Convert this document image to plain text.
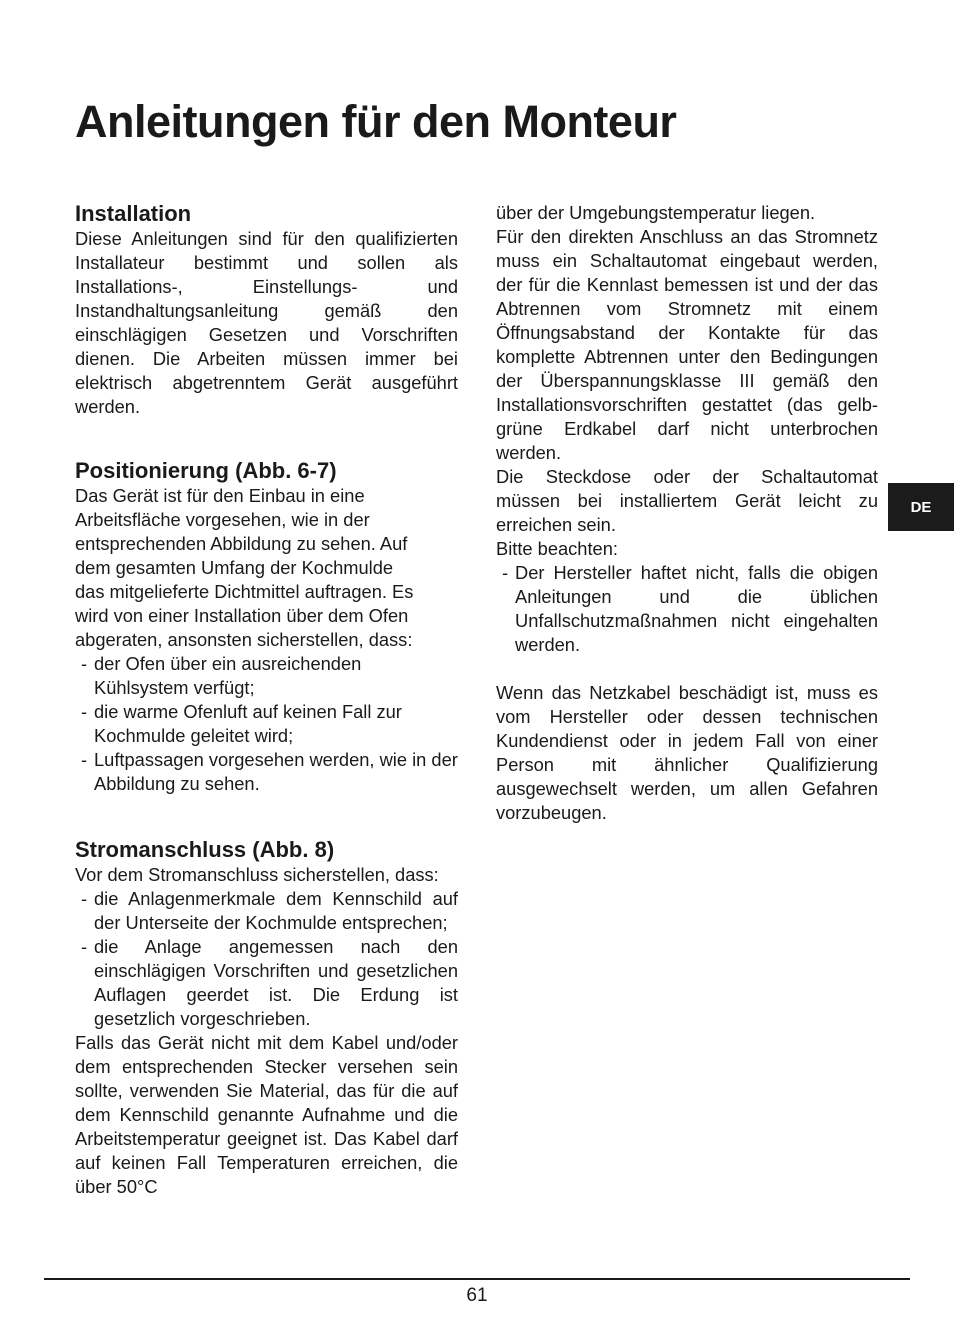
Anleitungen für den Monteur
Installation

Diese Anleitungen sind für den qualifizierten Installateur bestimmt und sollen als Installations-, Einstellungs- und Instandhaltungsanleitung gemäß den einschlägigen Gesetzen und Vorschriften dienen. Die Arbeiten müssen immer bei elektrisch abgetrenntem Gerät ausgeführt werden.

Positionierung (Abb. 6-7)
Das Gerät ist für den Einbau in eine
Arbeitsfläche vorgesehen, wie in der
entsprechenden Abbildung zu sehen. Auf
dem gesamten Umfang der Kochmulde
das mitgelieferte Dichtmittel auftragen. Es
wird von einer Installation über dem Ofen
abgeraten, ansonsten sicherstellen, dass:
- der Ofen über ein ausreichenden Kühlsystem verfügt;
- die warme Ofenluft auf keinen Fall zur Kochmulde geleitet wird;
- Luftpassagen vorgesehen werden, wie in der Abbildung zu sehen.
Stromanschluss (Abb. 8)

Vor dem Stromanschluss sicherstellen, dass:

- die Anlagenmerkmale dem Kennschild auf der Unterseite der Kochmulde entsprechen;
- die Anlage angemessen nach den einschlägigen Vorschriften und gesetzlichen Auflagen geerdet ist. Die Erdung ist gesetzlich vorgeschrieben.

Falls das Gerät nicht mit dem Kabel und/oder dem entsprechenden Stecker versehen sein sollte, verwenden Sie Material, das für die auf dem Kennschild genannte Aufnahme und die Arbeitstemperatur geeignet ist. Das Kabel darf auf keinen Fall Temperaturen erreichen, die über 50°C

über der Umgebungstemperatur liegen.

Für den direkten Anschluss an das Stromnetz muss ein Schaltautomat eingebaut werden, der für die Kennlast bemessen ist und der das Abtrennen vom Stromnetz mit einem Öffnungsabstand der Kontakte für das komplette Abtrennen unter den Bedingungen der Überspannungsklasse III gemäß den Installationsvorschriften gestattet (das gelb-grüne Erdkabel darf nicht unterbrochen werden.

Die Steckdose oder der Schaltautomat müssen bei installiertem Gerät leicht zu erreichen sein.

Bitte beachten:

- Der Hersteller haftet nicht, falls die obigen Anleitungen und die üblichen Unfallschutzmaßnahmen nicht eingehalten werden.

Wenn das Netzkabel beschädigt ist, muss es vom Hersteller oder dessen technischen Kundendienst oder in jedem Fall von einer Person mit ähnlicher Qualifizierung ausgewechselt werden, um allen Gefahren vorzubeugen.

DE
61
